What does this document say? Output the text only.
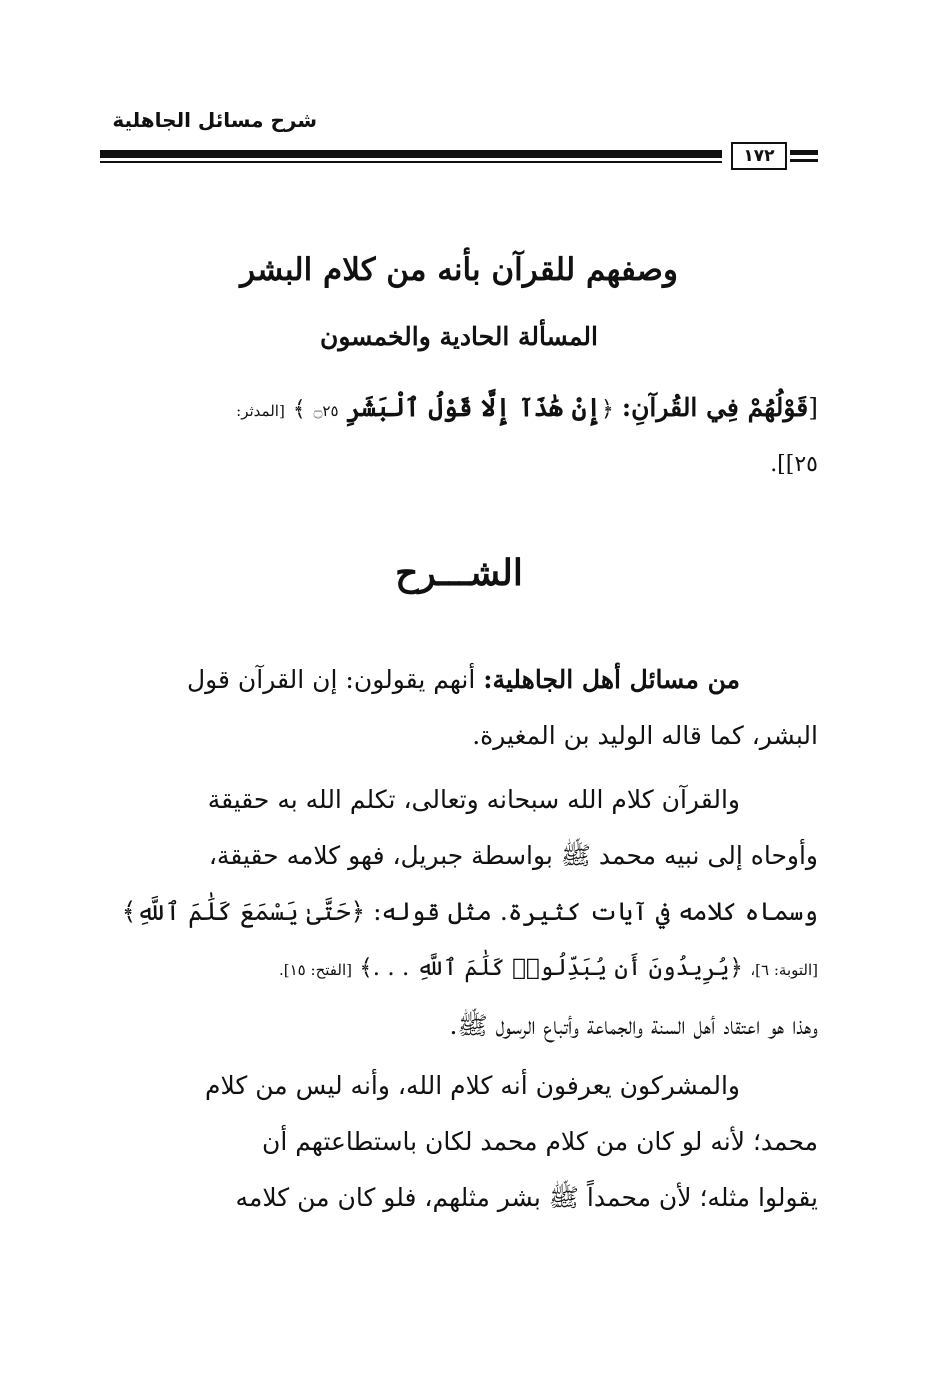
شرح مسائل الجاهلية
١٧٢
وصفهم للقرآن بأنه من كلام البشر
المسألة الحادية والخمسون
[قَوْلُهُمْ فِي القُرآنِ: ﴿إِنْ هَٰذَآ إِلَّا قَوْلُ ٱلْبَشَرِ ۝٢٥ ﴾ [المدثر:
٢٥]].
الشـــرح

من مسائل أهل الجاهلية: أنهم يقولون: إن القرآن قول

البشر، كما قاله الوليد بن المغيرة.

والقرآن كلام الله سبحانه وتعالى، تكلم الله به حقيقة

وأوحاه إلى نبيه محمد ﷺ بواسطة جبريل، فهو كلامه حقيقة،

وسماه كلامه في آيات كثيرة. مثل قوله: ﴿حَتَّىٰ يَسْمَعَ كَلَٰمَ ٱللَّهِ﴾

[التوبة: ٦]، ﴿يُرِيدُونَ أَن يُبَدِّلُوا۟ كَلَٰمَ ٱللَّهِ . . .﴾ [الفتح: ١٥].

وهذا هو اعتقاد أهل السنة والجماعة وأتباع الرسول ﷺ.

والمشركون يعرفون أنه كلام الله، وأنه ليس من كلام

محمد؛ لأنه لو كان من كلام محمد لكان باستطاعتهم أن

يقولوا مثله؛ لأن محمداً ﷺ بشر مثلهم، فلو كان من كلامه
